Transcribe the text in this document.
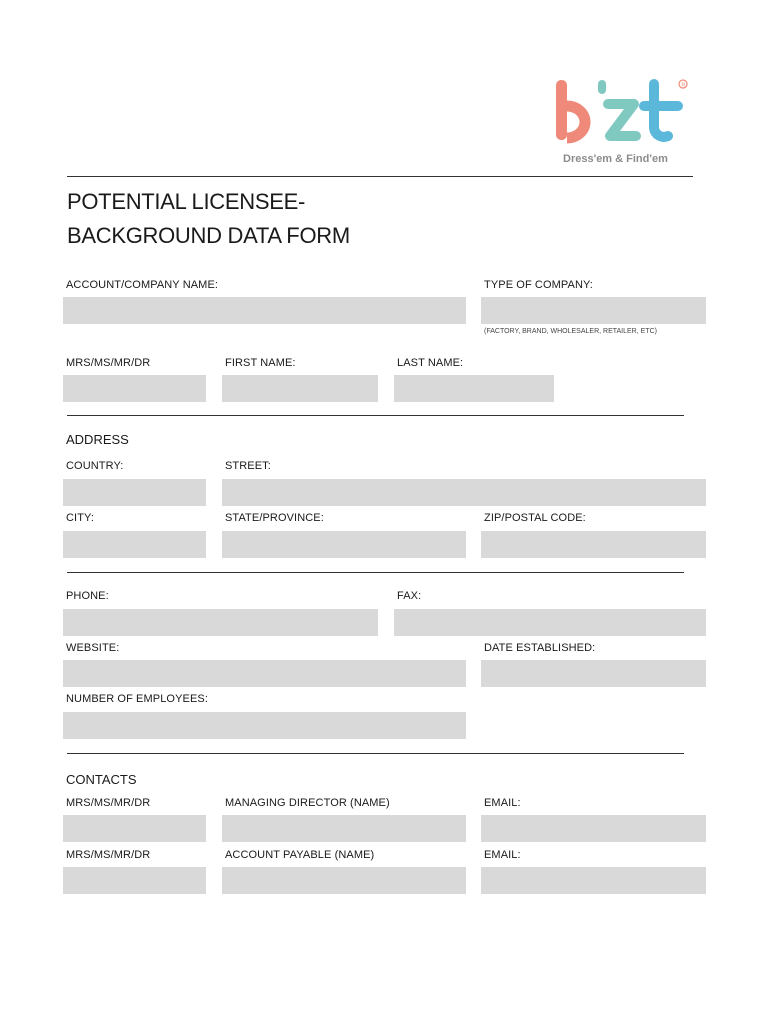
R
Dress'em & Find'em
POTENTIAL LICENSEE-
BACKGROUND DATA FORM
ACCOUNT/COMPANY NAME:	TYPE OF COMPANY:
(FACTORY, BRAND, WHOLESALER, RETAILER, ETC)
MRS/MS/MR/DR	FIRST NAME:	LAST NAME:
ADDRESS
COUNTRY:	STREET:
CITY:	STATE/PROVINCE:	ZIP/POSTAL CODE:
PHONE:	FAX:
WEBSITE:	DATE ESTABLISHED:
NUMBER OF EMPLOYEES:
CONTACTS
MRS/MS/MR/DR	MANAGING DIRECTOR (NAME)	EMAIL:
MRS/MS/MR/DR	ACCOUNT PAYABLE (NAME)	EMAIL:
